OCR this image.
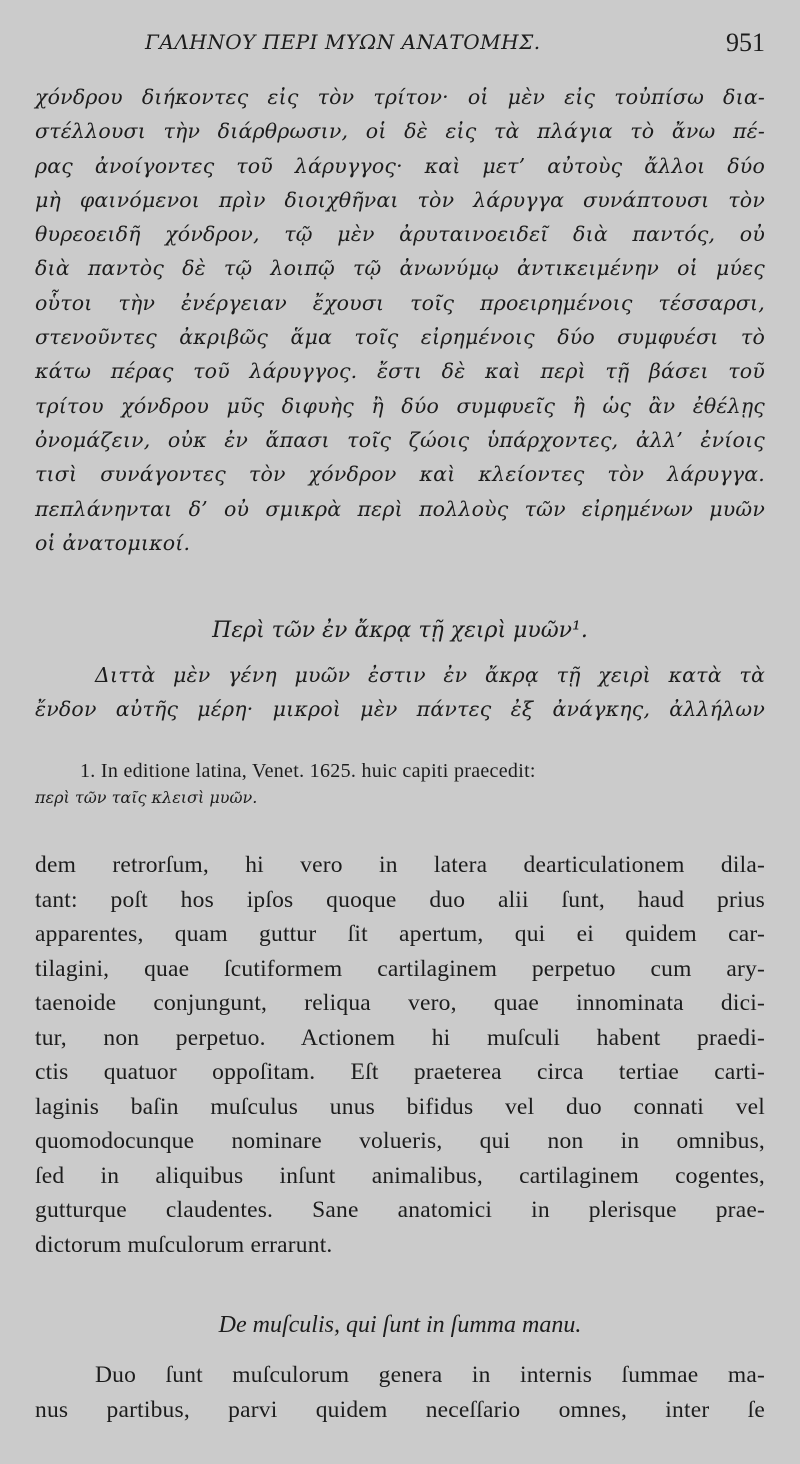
ΓΑΛΗΝΟΥ ΠΕΡΙ ΜΥΩΝ ΑΝΑΤΟΜΗΣ.	951
χόνδρου διήκοντες εἰς τὸν τρίτον· οἱ μὲν εἰς τοὐπίσω δια-
στέλλουσι τὴν διάρθρωσιν, οἱ δὲ εἰς τὰ πλάγια τὸ ἄνω πέ-
ρας ἀνοίγοντες τοῦ λάρυγγος· καὶ μετ’ αὐτοὺς ἄλλοι δύο
μὴ φαινόμενοι πρὶν διοιχθῆναι τὸν λάρυγγα συνάπτουσι τὸν
θυρεοειδῆ χόνδρον, τῷ μὲν ἀρυταινοειδεῖ διὰ παντός, οὐ
διὰ παντὸς δὲ τῷ λοιπῷ τῷ ἀνωνύμῳ ἀντικειμένην οἱ μύες
οὗτοι τὴν ἐνέργειαν ἔχουσι τοῖς προειρημένοις τέσσαρσι,
στενοῦντες ἀκριβῶς ἅμα τοῖς εἰρημένοις δύο συμφυέσι τὸ
κάτω πέρας τοῦ λάρυγγος. ἔστι δὲ καὶ περὶ τῇ βάσει τοῦ
τρίτου χόνδρου μῦς διφυὴς ἢ δύο συμφυεῖς ἢ ὡς ἂν ἐθέλῃς
ὀνομάζειν, οὐκ ἐν ἅπασι τοῖς ζώοις ὑπάρχοντες, ἀλλ’ ἐνίοις
τισὶ συνάγοντες τὸν χόνδρον καὶ κλείοντες τὸν λάρυγγα.
πεπλάνηνται δ’ οὐ σμικρὰ περὶ πολλοὺς τῶν εἰρημένων μυῶν
οἱ ἀνατομικοί.
Περὶ τῶν ἐν ἄκρᾳ τῇ χειρὶ μυῶν¹.
Διττὰ μὲν γένη μυῶν ἐστιν ἐν ἄκρᾳ τῇ χειρὶ κατὰ τὰ
ἔνδον αὐτῆς μέρη· μικροὶ μὲν πάντες ἐξ ἀνάγκης, ἀλλήλων
1. In editione latina, Venet. 1625. huic capiti praecedit:
περὶ τῶν ταῖς κλεισὶ μυῶν.
dem retrorſum, hi vero in latera dearticulationem dila-
tant: poſt hos ipſos quoque duo alii ſunt, haud prius
apparentes, quam guttur ſit apertum, qui ei quidem car-
tilagini, quae ſcutiformem cartilaginem perpetuo cum ary-
taenoide conjungunt, reliqua vero, quae innominata dici-
tur, non perpetuo. Actionem hi muſculi habent praedi-
ctis quatuor oppoſitam. Eſt praeterea circa tertiae carti-
laginis baſin muſculus unus bifidus vel duo connati vel
quomodocunque nominare volueris, qui non in omnibus,
ſed in aliquibus inſunt animalibus, cartilaginem cogentes,
gutturque claudentes. Sane anatomici in plerisque prae-
dictorum muſculorum errarunt.
De muſculis, qui ſunt in ſumma manu.
Duo ſunt muſculorum genera in internis ſummae ma-
nus partibus, parvi quidem neceſſario omnes, inter ſe
